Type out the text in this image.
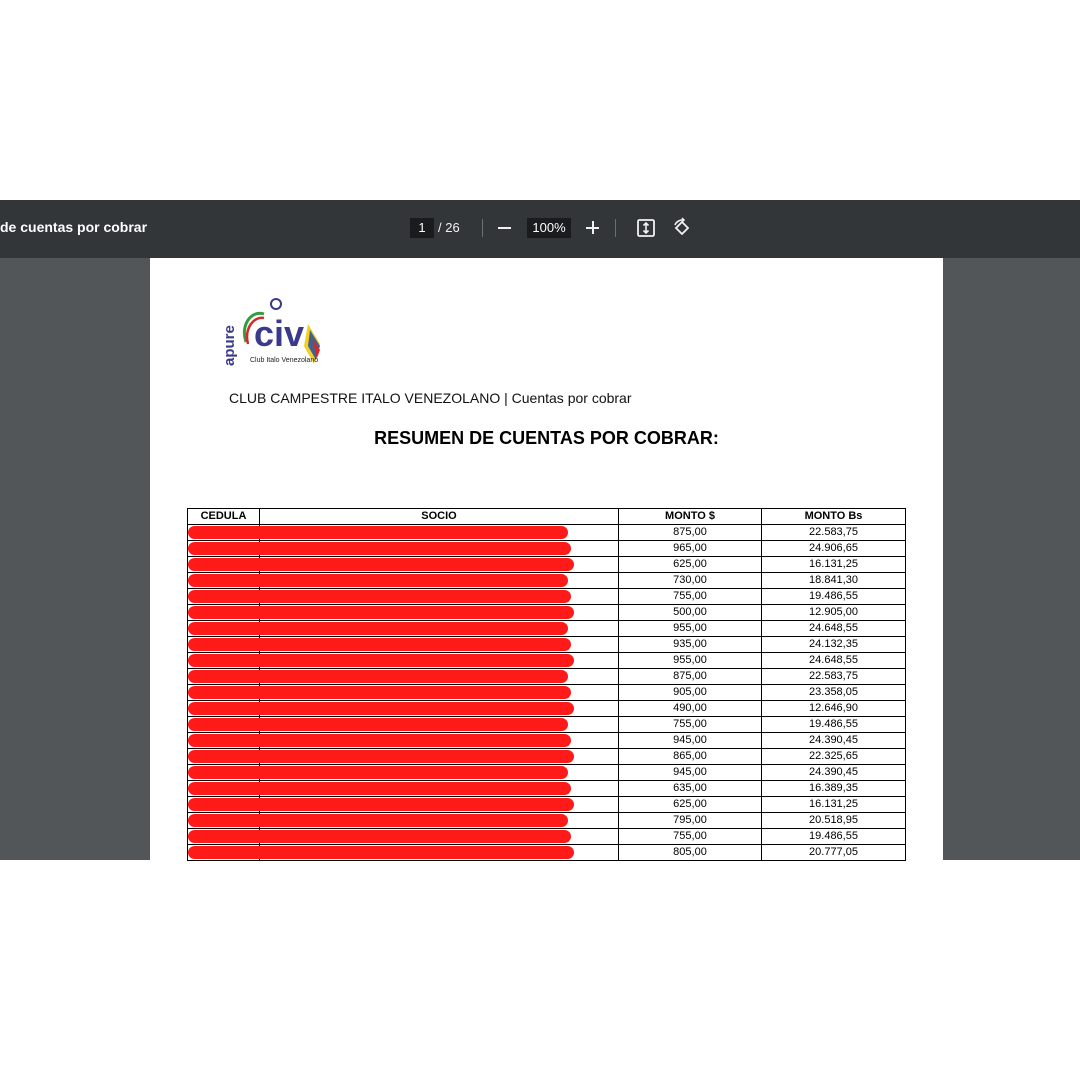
de cuentas por cobrar	1 / 26	100%
apure civ
Club Italo Venezolano
CLUB CAMPESTRE ITALO VENEZOLANO | Cuentas por cobrar
RESUMEN DE CUENTAS POR COBRAR:
CEDULA	SOCIO	MONTO $	MONTO Bs

		875,00	22.583,75

		965,00	24.906,65

		625,00	16.131,25

		730,00	18.841,30

		755,00	19.486,55

		500,00	12.905,00

		955,00	24.648,55

		935,00	24.132,35

		955,00	24.648,55

		875,00	22.583,75

		905,00	23.358,05

		490,00	12.646,90

		755,00	19.486,55

		945,00	24.390,45

		865,00	22.325,65

		945,00	24.390,45

		635,00	16.389,35

		625,00	16.131,25

		795,00	20.518,95

		755,00	19.486,55

		805,00	20.777,05
